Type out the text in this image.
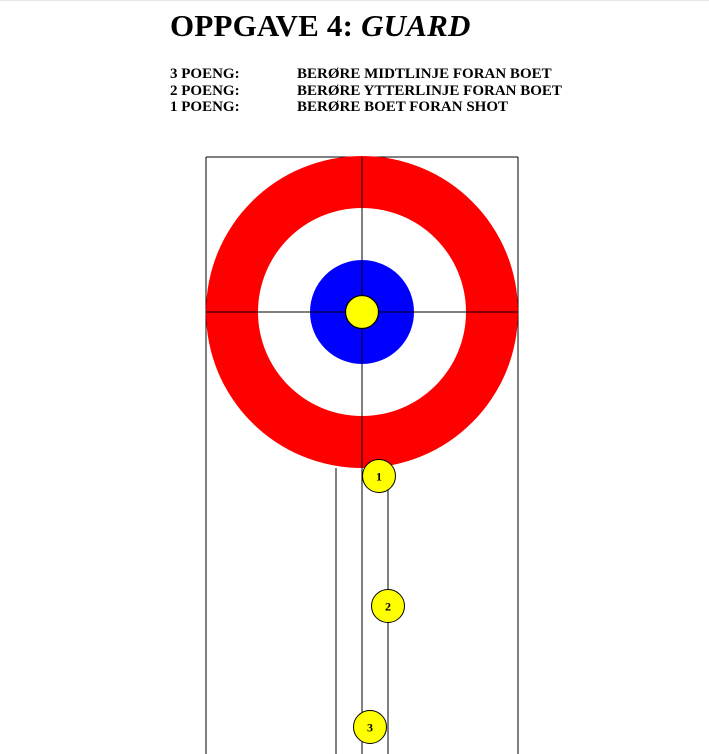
OPPGAVE 4: GUARD
3 POENG:	BERØRE MIDTLINJE FORAN BOET
2 POENG:	BERØRE YTTERLINJE FORAN BOET
1 POENG:	BERØRE BOET FORAN SHOT
1
2
3
